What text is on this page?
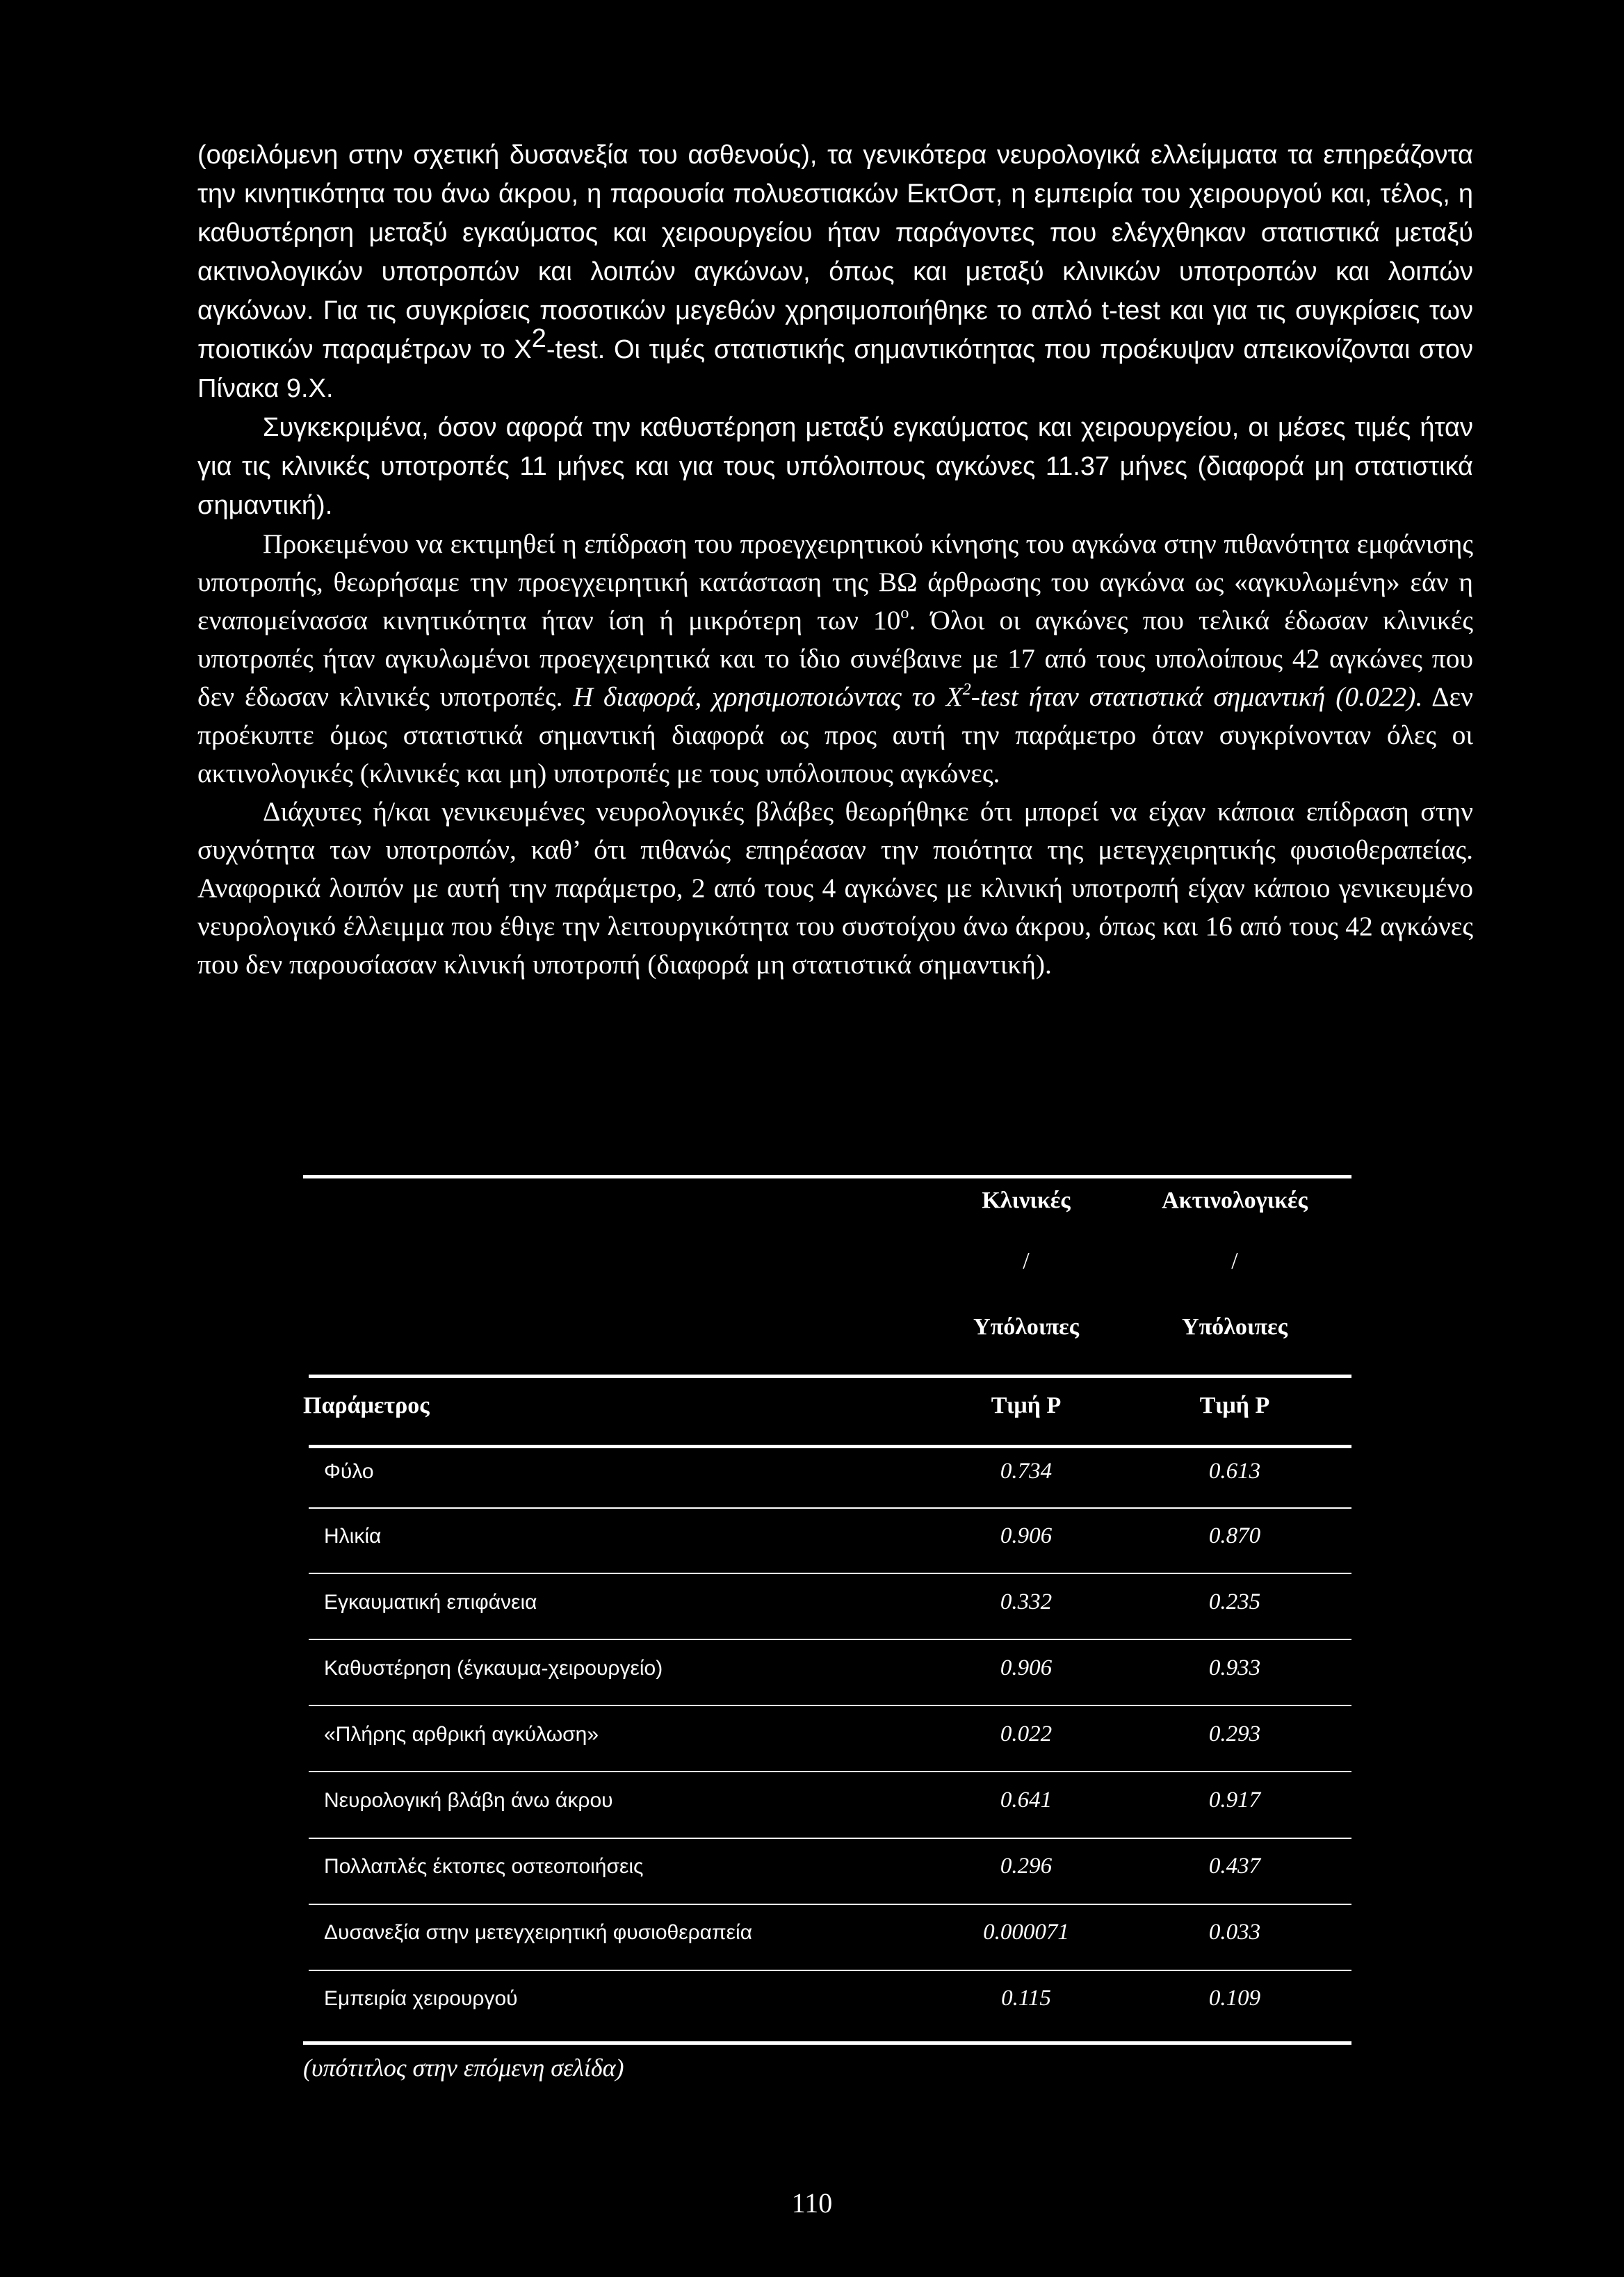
(οφειλόμενη στην σχετική δυσανεξία του ασθενούς), τα γενικότερα νευρολογικά ελλείμματα τα επηρεάζοντα την κινητικότητα του άνω άκρου, η παρουσία πολυεστιακών ΕκτΟστ, η εμπειρία του χειρουργού και, τέλος, η καθυστέρηση μεταξύ εγκαύματος και χειρουργείου ήταν παράγοντες που ελέγχθηκαν στατιστικά μεταξύ ακτινολογικών υποτροπών και λοιπών αγκώνων, όπως και μεταξύ κλινικών υποτροπών και λοιπών αγκώνων. Για τις συγκρίσεις ποσοτικών μεγεθών χρησιμοποιήθηκε το απλό t-test και για τις συγκρίσεις των ποιοτικών παραμέτρων το $X^2$-test. Οι τιμές στατιστικής σημαντικότητας που προέκυψαν απεικονίζονται στον Πίνακα 9.Χ.

Συγκεκριμένα, όσον αφορά την καθυστέρηση μεταξύ εγκαύματος και χειρουργείου, οι μέσες τιμές ήταν για τις κλινικές υποτροπές 11 μήνες και για τους υπόλοιπους αγκώνες 11.37 μήνες (διαφορά μη στατιστικά σημαντική).

Προκειμένου να εκτιμηθεί η επίδραση του προεγχειρητικού κίνησης του αγκώνα στην πιθανότητα εμφάνισης υποτροπής, θεωρήσαμε την προεγχειρητική κατάσταση της ΒΩ άρθρωσης του αγκώνα ως «αγκυλωμένη» εάν η εναπομείνασσα κινητικότητα ήταν ίση ή μικρότερη των $10^o$. Όλοι οι αγκώνες που τελικά έδωσαν κλινικές υποτροπές ήταν αγκυλωμένοι προεγχειρητικά και το ίδιο συνέβαινε με 17 από τους υπολοίπους 42 αγκώνες που δεν έδωσαν κλινικές υποτροπές. Η διαφορά, χρησιμοποιώντας το $X^2$-test ήταν στατιστικά σημαντική (0.022). Δεν προέκυπτε όμως στατιστικά σημαντική διαφορά ως προς αυτή την παράμετρο όταν συγκρίνονταν όλες οι ακτινολογικές (κλινικές και μη) υποτροπές με τους υπόλοιπους αγκώνες.

Διάχυτες ή/και γενικευμένες νευρολογικές βλάβες θεωρήθηκε ότι μπορεί να είχαν κάποια επίδραση στην συχνότητα των υποτροπών, καθ’ ότι πιθανώς επηρέασαν την ποιότητα της μετεγχειρητικής φυσιοθεραπείας. Αναφορικά λοιπόν με αυτή την παράμετρο, 2 από τους 4 αγκώνες με κλινική υποτροπή είχαν κάποιο γενικευμένο νευρολογικό έλλειμμα που έθιγε την λειτουργικότητα του συστοίχου άνω άκρου, όπως και 16 από τους 42 αγκώνες που δεν παρουσίασαν κλινική υποτροπή (διαφορά μη στατιστικά σημαντική).

Κλινικές	Ακτινολογικές
/	/
Υπόλοιπες	Υπόλοιπες
Παράμετρος	Τιμή P	Τιμή P
Φύλο	0.734	0.613
Ηλικία	0.906	0.870
Εγκαυματική επιφάνεια	0.332	0.235
Καθυστέρηση (έγκαυμα-χειρουργείο)	0.906	0.933
«Πλήρης αρθρική αγκύλωση»	0.022	0.293
Νευρολογική βλάβη άνω άκρου	0.641	0.917
Πολλαπλές έκτοπες οστεοποιήσεις	0.296	0.437
Δυσανεξία στην μετεγχειρητική φυσιοθεραπεία	0.000071	0.033
Εμπειρία χειρουργού	0.115	0.109
(υπότιτλος στην επόμενη σελίδα)
110
